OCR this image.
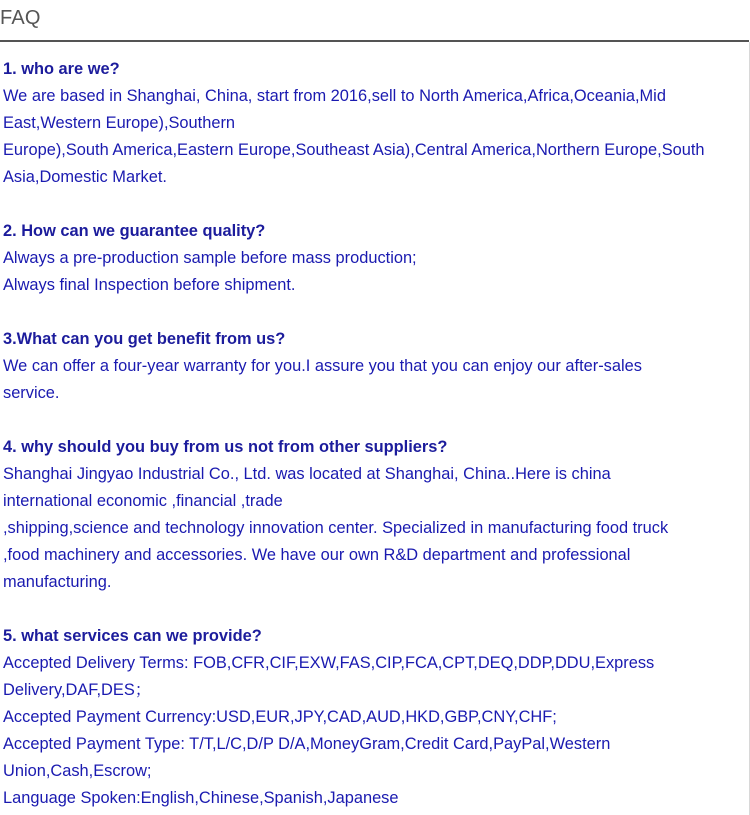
FAQ
1. who are we?
We are based in Shanghai, China, start from 2016,sell to North America,Africa,Oceania,Mid
East,Western Europe),Southern
Europe),South America,Eastern Europe,Southeast Asia),Central America,Northern Europe,South
Asia,Domestic Market.
2. How can we guarantee quality?
Always a pre-production sample before mass production;
Always final Inspection before shipment.
3.What can you get benefit from us?
We can offer a four-year warranty for you.I assure you that you can enjoy our after-sales
service.
4. why should you buy from us not from other suppliers?
Shanghai Jingyao Industrial Co., Ltd. was located at Shanghai, China..Here is china
international economic ,financial ,trade
,shipping,science and technology innovation center. Specialized in manufacturing food truck
,food machinery and accessories. We have our own R&D department and professional
manufacturing.
5. what services can we provide?
Accepted Delivery Terms: FOB,CFR,CIF,EXW,FAS,CIP,FCA,CPT,DEQ,DDP,DDU,Express
Delivery,DAF,DES；
Accepted Payment Currency:USD,EUR,JPY,CAD,AUD,HKD,GBP,CNY,CHF;
Accepted Payment Type: T/T,L/C,D/P D/A,MoneyGram,Credit Card,PayPal,Western
Union,Cash,Escrow;
Language Spoken:English,Chinese,Spanish,Japanese
